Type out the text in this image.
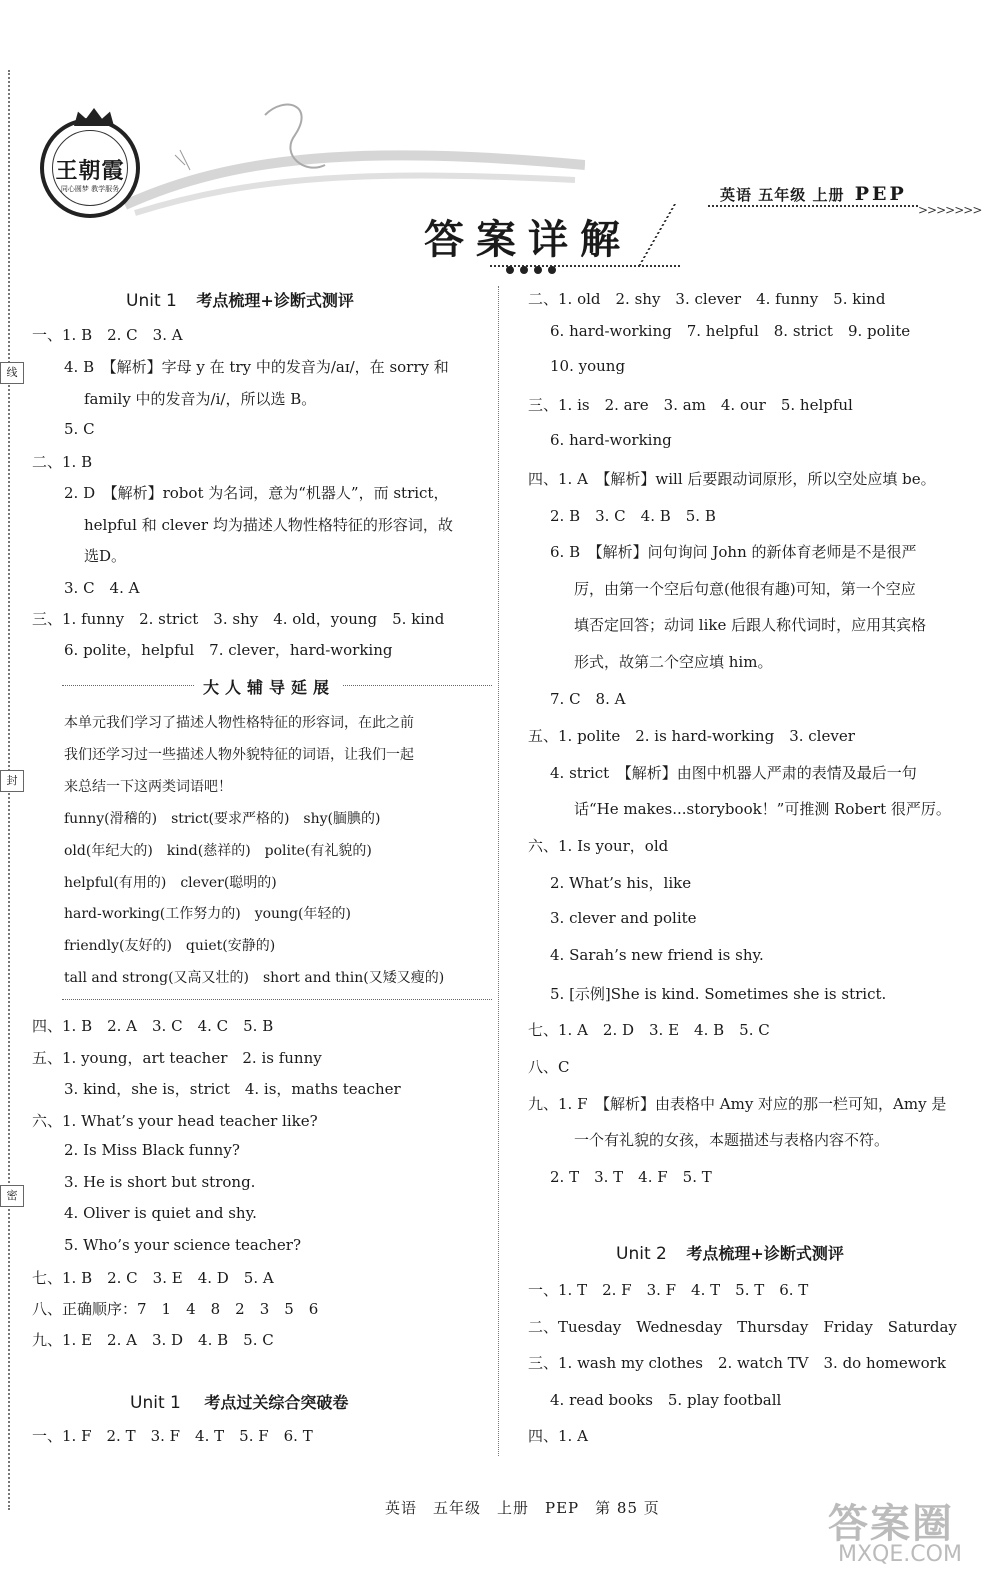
线
封
密
王朝霞
同心圆梦 教学服务	英语 五年级 上册 PEP
>>>>>>>
答案详解
Unit 1 考点梳理+诊断式测评
一、1. B　2. C　3. A
4. B　【解析】字母 y 在 try 中的发音为/aɪ/，在 sorry 和
family 中的发音为/i/，所以选 B。
5. C
二、1. B
2. D　【解析】robot 为名词，意为“机器人”，而 strict，
helpful 和 clever 均为描述人物性格特征的形容词，故
选D。
3. C　4. A
三、1. funny　2. strict　3. shy　4. old，young　5. kind
6. polite，helpful　7. clever，hard-working
大人辅导延展
本单元我们学习了描述人物性格特征的形容词，在此之前
我们还学习过一些描述人物外貌特征的词语，让我们一起
来总结一下这两类词语吧！
funny(滑稽的)　strict(要求严格的)　shy(腼腆的)
old(年纪大的)　kind(慈祥的)　polite(有礼貌的)
helpful(有用的)　clever(聪明的)
hard-working(工作努力的)　young(年轻的)
friendly(友好的)　quiet(安静的)
tall and strong(又高又壮的)　short and thin(又矮又瘦的)
四、1. B　2. A　3. C　4. C　5. B
五、1. young，art teacher　2. is funny
3. kind，she is，strict　4. is，maths teacher
六、1. What’s your head teacher like?
2. Is Miss Black funny?
3. He is short but strong.
4. Oliver is quiet and shy.
5. Who’s your science teacher?
七、1. B　2. C　3. E　4. D　5. A
八、正确顺序：7　1　4　8　2　3　5　6
九、1. E　2. A　3. D　4. B　5. C
Unit 1 考点过关综合突破卷
一、1. F　2. T　3. F　4. T　5. F　6. T
二、1. old　2. shy　3. clever　4. funny　5. kind
6. hard-working　7. helpful　8. strict　9. polite
10. young
三、1. is　2. are　3. am　4. our　5. helpful
6. hard-working
四、1. A　【解析】will 后要跟动词原形，所以空处应填 be。
2. B　3. C　4. B　5. B
6. B　【解析】问句询问 John 的新体育老师是不是很严
厉，由第一个空后句意(他很有趣)可知，第一个空应
填否定回答；动词 like 后跟人称代词时，应用其宾格
形式，故第二个空应填 him。
7. C　8. A
五、1. polite　2. is hard-working　3. clever
4. strict　【解析】由图中机器人严肃的表情及最后一句
话“He makes...storybook！”可推测 Robert 很严厉。
六、1. Is your，old
2. What’s his，like
3. clever and polite
4. Sarah’s new friend is shy.
5. [示例]She is kind. Sometimes she is strict.
七、1. A　2. D　3. E　4. B　5. C
八、C
九、1. F　【解析】由表格中 Amy 对应的那一栏可知，Amy 是
一个有礼貌的女孩，本题描述与表格内容不符。
2. T　3. T　4. F　5. T
Unit 2 考点梳理+诊断式测评
一、1. T　2. F　3. F　4. T　5. T　6. T
二、Tuesday　Wednesday　Thursday　Friday　Saturday
三、1. wash my clothes　2. watch TV　3. do homework
4. read books　5. play football
四、1. A
英语　五年级　上册　PEP　第 85 页	答案圈
MXQE.COM
